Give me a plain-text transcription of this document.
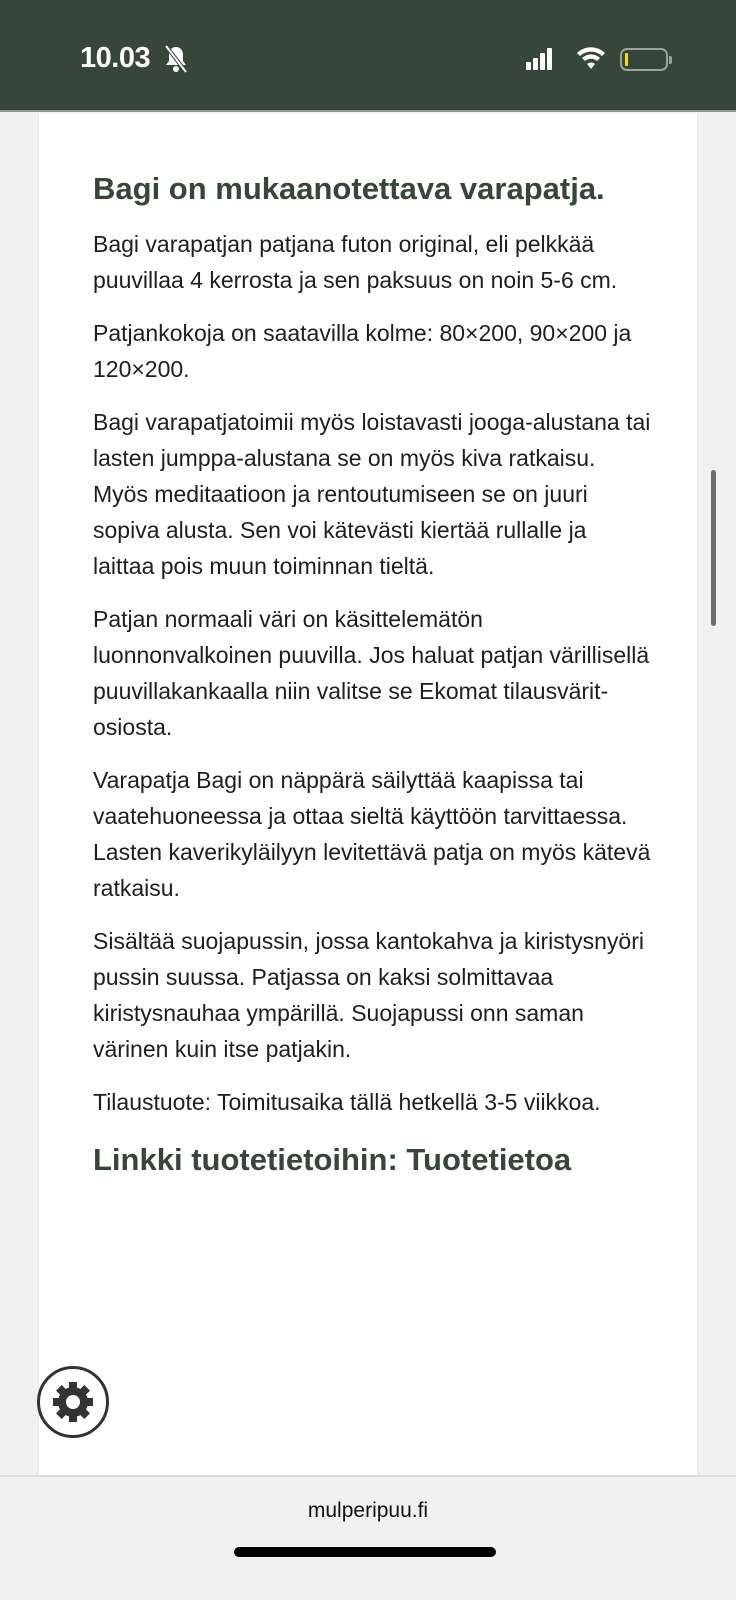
10.03
Bagi on mukaanotettava varapatja.

Bagi varapatjan patjana futon original, eli pelkkää puuvillaa 4 kerrosta ja sen paksuus on noin 5-6 cm.

Patjankokoja on saatavilla kolme: 80×200, 90×200 ja 120×200.

Bagi varapatjatoimii myös loistavasti jooga-alustana tai lasten jumppa-alustana se on myös kiva ratkaisu. Myös meditaatioon ja rentoutumiseen se on juuri sopiva alusta. Sen voi kätevästi kiertää rullalle ja laittaa pois muun toiminnan tieltä.

Patjan normaali väri on käsittelemätön luonnonvalkoinen puuvilla. Jos haluat patjan värillisellä puuvillakankaalla niin valitse se Ekomat tilausvärit-osiosta.

Varapatja Bagi on näppärä säilyttää kaapissa tai vaatehuoneessa ja ottaa sieltä käyttöön tarvittaessa. Lasten kaverikyläilyyn levitettävä patja on myös kätevä ratkaisu.

Sisältää suojapussin, jossa kantokahva ja kiristysnyöri pussin suussa. Patjassa on kaksi solmittavaa kiristysnauhaa ympärillä. Suojapussi onn saman värinen kuin itse patjakin.

Tilaustuote: Toimitusaika tällä hetkellä 3-5 viikkoa.

Linkki tuotetietoihin: Tuotetietoa
mulperipuu.fi
